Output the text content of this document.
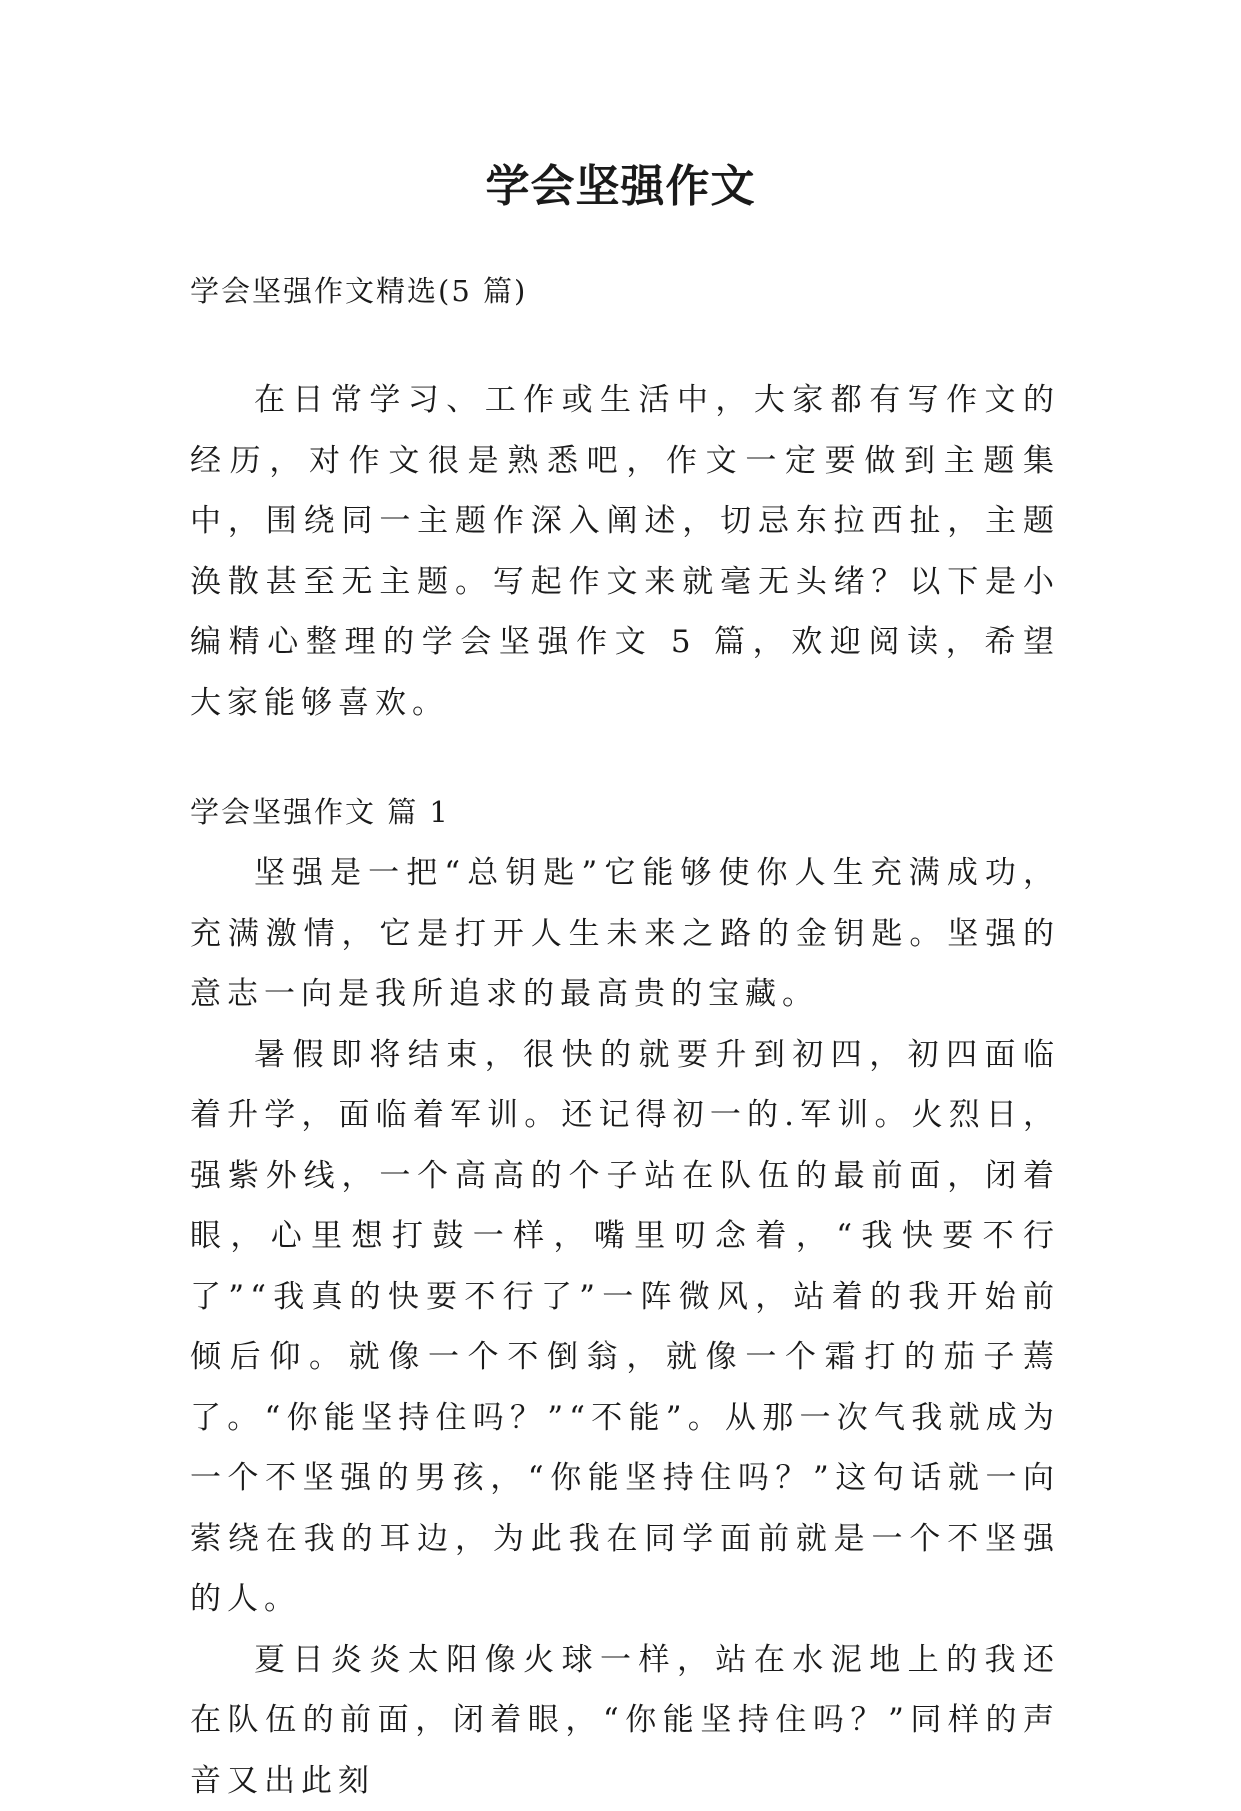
学会坚强作文

学会坚强作文精选(5 篇)

在日常学习、工作或生活中，大家都有写作文的经历，对作文很是熟悉吧，作文一定要做到主题集中，围绕同一主题作深入阐述，切忌东拉西扯，主题涣散甚至无主题。写起作文来就毫无头绪？以下是小编精心整理的学会坚强作文 5 篇，欢迎阅读，希望大家能够喜欢。

学会坚强作文 篇 1

坚强是一把“总钥匙”它能够使你人生充满成功，充满激情，它是打开人生未来之路的金钥匙。坚强的意志一向是我所追求的最高贵的宝藏。

暑假即将结束，很快的就要升到初四，初四面临着升学，面临着军训。还记得初一的.军训。火烈日，强紫外线，一个高高的个子站在队伍的最前面，闭着眼，心里想打鼓一样，嘴里叨念着，“我快要不行了”“我真的快要不行了”一阵微风，站着的我开始前倾后仰。就像一个不倒翁，就像一个霜打的茄子蔫了。“你能坚持住吗？”“不能”。从那一次气我就成为一个不坚强的男孩，“你能坚持住吗？”这句话就一向萦绕在我的耳边，为此我在同学面前就是一个不坚强的人。

夏日炎炎太阳像火球一样，站在水泥地上的我还在队伍的前面，闭着眼，“你能坚持住吗？”同样的声音又出此刻
